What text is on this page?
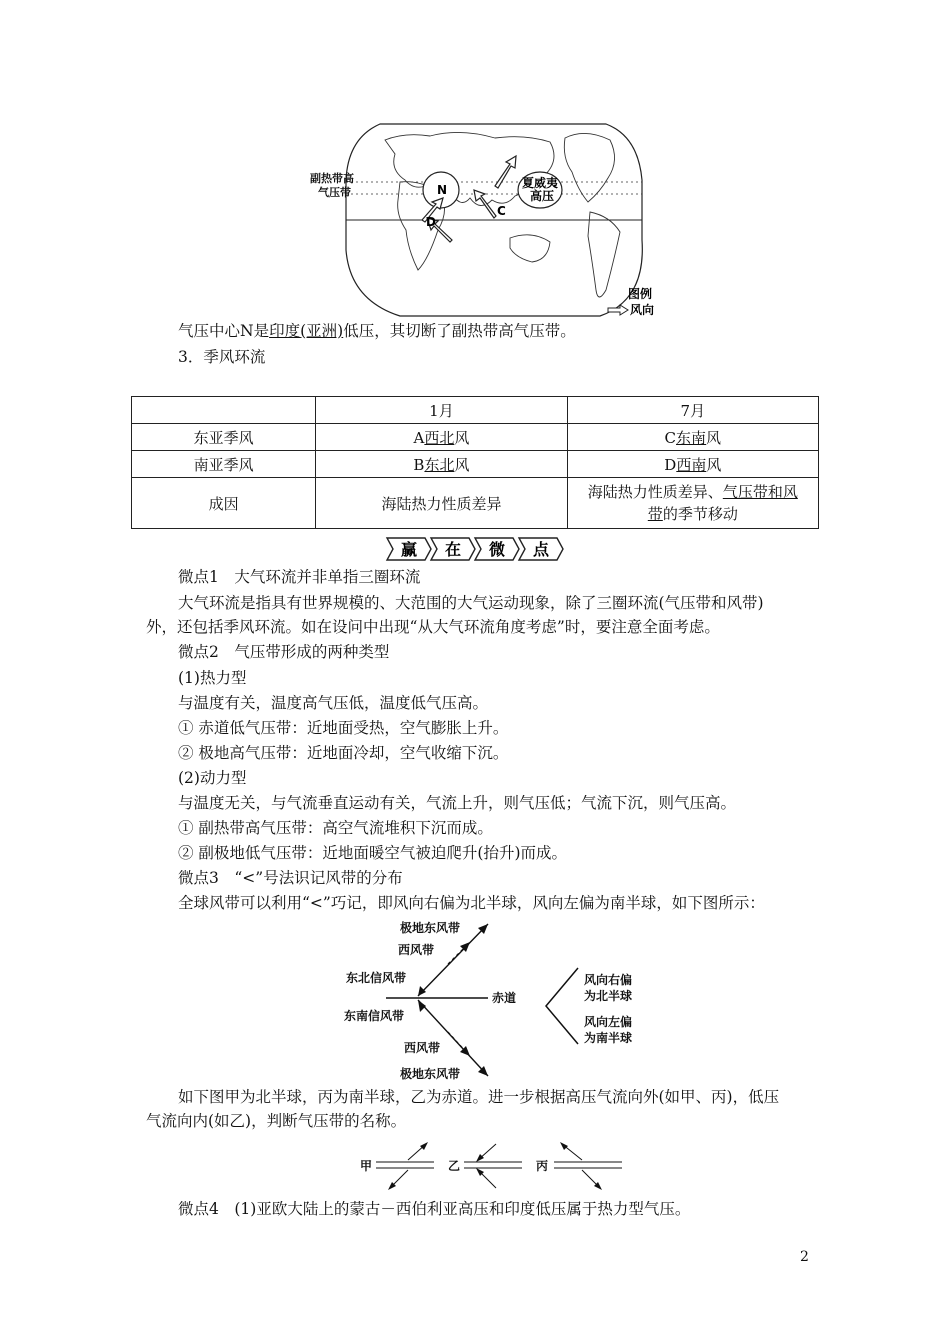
N	夏威夷
高压
D
C
图例
风向
副热带高
气压带
气压中心N是印度(亚洲)低压，其切断了副热带高气压带。
3．季风环流
	1月	7月
东亚季风	A西北风	C东南风
南亚季风	B东北风	D西南风
成因	海陆热力性质差异	海陆热力性质差异、气压带和风
带的季节移动
赢 在 微 点
微点1　大气环流并非单指三圈环流
大气环流是指具有世界规模的、大范围的大气运动现象，除了三圈环流(气压带和风带)
外，还包括季风环流。如在设问中出现“从大气环流角度考虑”时，要注意全面考虑。
微点2　气压带形成的两种类型
(1)热力型
与温度有关，温度高气压低，温度低气压高。
① 赤道低气压带：近地面受热，空气膨胀上升。
② 极地高气压带：近地面冷却，空气收缩下沉。
(2)动力型
与温度无关，与气流垂直运动有关，气流上升，则气压低；气流下沉，则气压高。
① 副热带高气压带：高空气流堆积下沉而成。
② 副极地低气压带：近地面暖空气被迫爬升(抬升)而成。
微点3　“<”号法识记风带的分布
全球风带可以利用“<”巧记，即风向右偏为北半球，风向左偏为南半球，如下图所示：
极地东风带
西风带
东北信风带
赤道
东南信风带
西风带
极地东风带
风向右偏
为北半球
风向左偏
为南半球
如下图甲为北半球，丙为南半球，乙为赤道。进一步根据高压气流向外(如甲、丙)，低压
气流向内(如乙)，判断气压带的名称。
甲	乙	丙
微点4　(1)亚欧大陆上的蒙古－西伯利亚高压和印度低压属于热力型气压。
2
